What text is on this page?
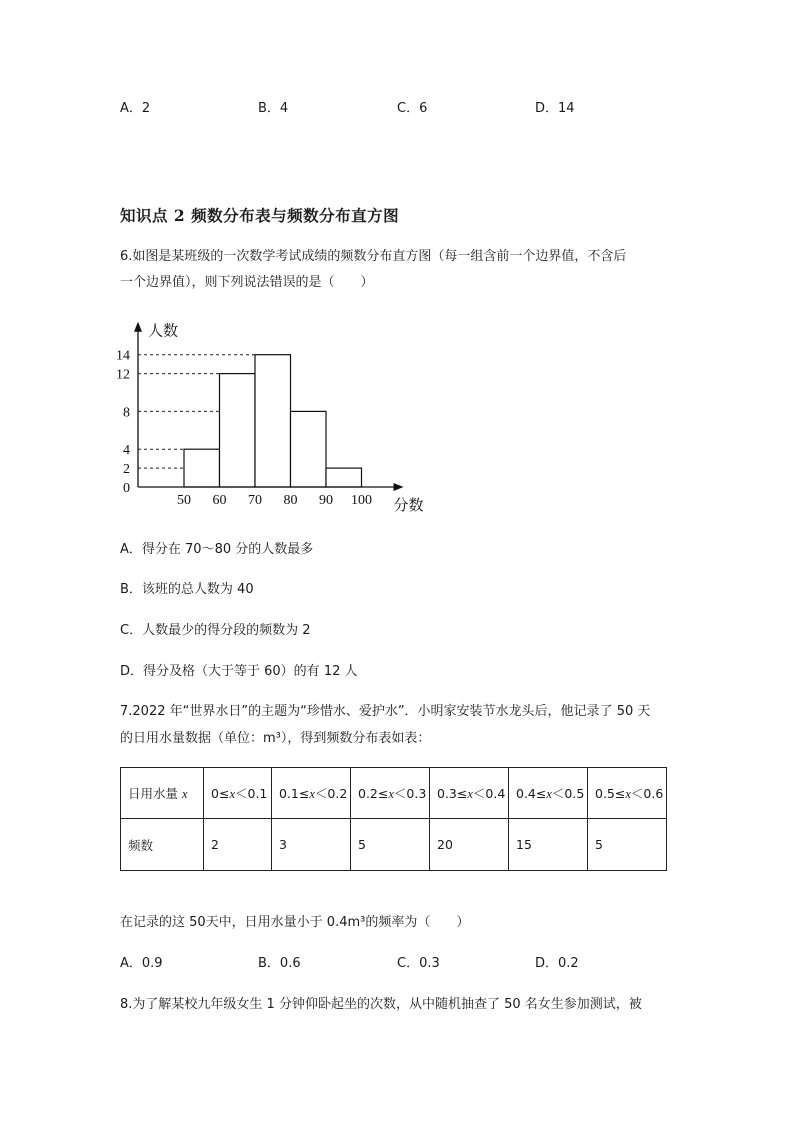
A．2	B．4	C．6	D．14
知识点 2 频数分布表与频数分布直方图
6.如图是某班级的一次数学考试成绩的频数分布直方图（每一组含前一个边界值，不含后
一个边界值），则下列说法错误的是（　　）
0
2
4
8
12
14
50 60 70 80 90 100
人数
分数
A．得分在 70～80 分的人数最多
B．该班的总人数为 40
C．人数最少的得分段的频数为 2
D．得分及格（大于等于 60）的有 12 人
7.2022 年“世界水日”的主题为“珍惜水、爱护水”．小明家安装节水龙头后，他记录了 50 天
的日用水量数据（单位：m³），得到频数分布表如表：
日用水量 x	0≤x＜0.1	0.1≤x＜0.2	0.2≤x＜0.3	0.3≤x＜0.4	0.4≤x＜0.5	0.5≤x＜0.6
频数	2	3	5	20	15	5
在记录的这 50天中，日用水量小于 0.4m³的频率为（　　）
A．0.9	B．0.6	C．0.3	D．0.2
8.为了解某校九年级女生 1 分钟仰卧起坐的次数，从中随机抽查了 50 名女生参加测试，被
